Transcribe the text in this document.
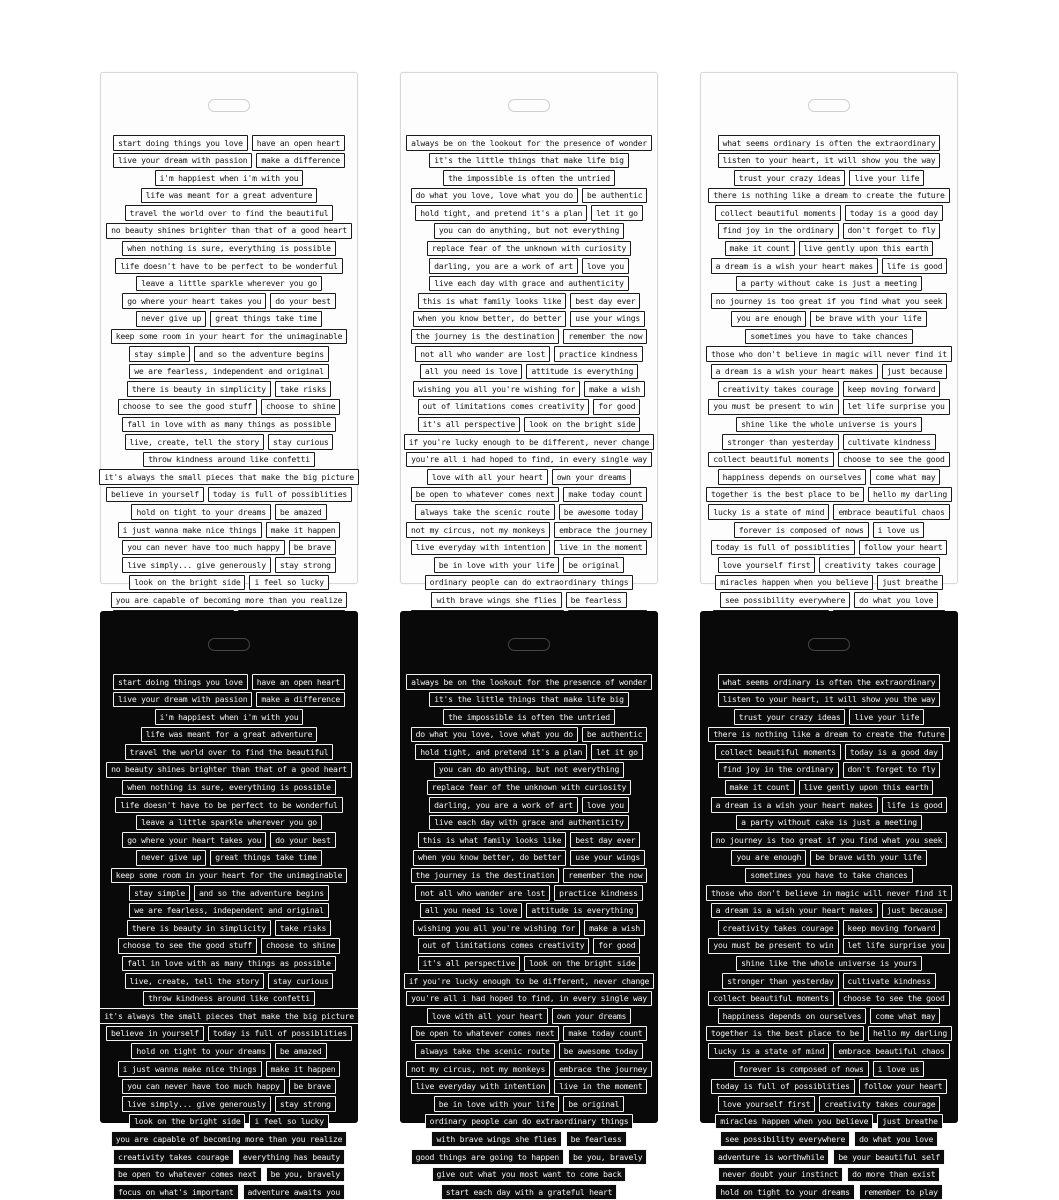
start doing things you love	have an open heart
live your dream with passion	make a difference
i'm happiest when i'm with you
life was meant for a great adventure
travel the world over to find the beautiful
no beauty shines brighter than that of a good heart
when nothing is sure, everything is possible
life doesn't have to be perfect to be wonderful
leave a little sparkle wherever you go
go where your heart takes you	do your best
never give up	great things take time
keep some room in your heart for the unimaginable
stay simple	and so the adventure begins
we are fearless, independent and original
there is beauty in simplicity	take risks
choose to see the good stuff	choose to shine
fall in love with as many things as possible
live, create, tell the story	stay curious
throw kindness around like confetti
it's always the small pieces that make the big picture
believe in yourself	today is full of possiblities
hold on tight to your dreams	be amazed
i just wanna make nice things	make it happen
you can never have too much happy	be brave
live simply... give generously	stay strong
look on the bright side	i feel so lucky
you are capable of becoming more than you realize
always be on the lookout for the presence of wonder
it's the little things that make life big
the impossible is often the untried
do what you love, love what you do	be authentic
hold tight, and pretend it's a plan	let it go
you can do anything, but not everything
replace fear of the unknown with curiosity
darling, you are a work of art	love you
live each day with grace and authenticity
this is what family looks like	best day ever
when you know better, do better	use your wings
the journey is the destination	remember the now
not all who wander are lost	practice kindness
all you need is love	attitude is everything
wishing you all you're wishing for	make a wish
out of limitations comes creativity	for good
it's all perspective	look on the bright side
if you're lucky enough to be different, never change
you're all i had hoped to find, in every single way
love with all your heart	own your dreams
be open to whatever comes next	make today count
always take the scenic route	be awesome today
not my circus, not my monkeys	embrace the journey
live everyday with intention	live in the moment
be in love with your life	be original
ordinary people can do extraordinary things
with brave wings she flies	be fearless
what seems ordinary is often the extraordinary
listen to your heart, it will show you the way
trust your crazy ideas	live your life
there is nothing like a dream to create the future
collect beautiful moments	today is a good day
find joy in the ordinary	don't forget to fly
make it count	live gently upon this earth
a dream is a wish your heart makes	life is good
a party without cake is just a meeting
no journey is too great if you find what you seek
you are enough	be brave with your life
sometimes you have to take chances
those who don't believe in magic will never find it
a dream is a wish your heart makes	just because
creativity takes courage	keep moving forward
you must be present to win	let life surprise you
shine like the whole universe is yours
stronger than yesterday	cultivate kindness
collect beautiful moments	choose to see the good
happiness depends on ourselves	come what may
together is the best place to be	hello my darling
lucky is a state of mind	embrace beautiful chaos
forever is composed of nows	i love us
today is full of possiblities	follow your heart
love yourself first	creativity takes courage
miracles happen when you believe	just breathe
see possibility everywhere	do what you love
start doing things you love	have an open heart
live your dream with passion	make a difference
i'm happiest when i'm with you
life was meant for a great adventure
travel the world over to find the beautiful
no beauty shines brighter than that of a good heart
when nothing is sure, everything is possible
life doesn't have to be perfect to be wonderful
leave a little sparkle wherever you go
go where your heart takes you	do your best
never give up	great things take time
keep some room in your heart for the unimaginable
stay simple	and so the adventure begins
we are fearless, independent and original
there is beauty in simplicity	take risks
choose to see the good stuff	choose to shine
fall in love with as many things as possible
live, create, tell the story	stay curious
throw kindness around like confetti
it's always the small pieces that make the big picture
believe in yourself	today is full of possiblities
hold on tight to your dreams	be amazed
i just wanna make nice things	make it happen
you can never have too much happy	be brave
live simply... give generously	stay strong
look on the bright side	i feel so lucky
you are capable of becoming more than you realize
creativity takes courage	everything has beauty
be open to whatever comes next	be you, bravely
focus on what's important	adventure awaits you
always be on the lookout for the presence of wonder
it's the little things that make life big
the impossible is often the untried
do what you love, love what you do	be authentic
hold tight, and pretend it's a plan	let it go
you can do anything, but not everything
replace fear of the unknown with curiosity
darling, you are a work of art	love you
live each day with grace and authenticity
this is what family looks like	best day ever
when you know better, do better	use your wings
the journey is the destination	remember the now
not all who wander are lost	practice kindness
all you need is love	attitude is everything
wishing you all you're wishing for	make a wish
out of limitations comes creativity	for good
it's all perspective	look on the bright side
if you're lucky enough to be different, never change
you're all i had hoped to find, in every single way
love with all your heart	own your dreams
be open to whatever comes next	make today count
always take the scenic route	be awesome today
not my circus, not my monkeys	embrace the journey
live everyday with intention	live in the moment
be in love with your life	be original
ordinary people can do extraordinary things
with brave wings she flies	be fearless
good things are going to happen	be you, bravely
give out what you most want to come back
start each day with a grateful heart
what seems ordinary is often the extraordinary
listen to your heart, it will show you the way
trust your crazy ideas	live your life
there is nothing like a dream to create the future
collect beautiful moments	today is a good day
find joy in the ordinary	don't forget to fly
make it count	live gently upon this earth
a dream is a wish your heart makes	life is good
a party without cake is just a meeting
no journey is too great if you find what you seek
you are enough	be brave with your life
sometimes you have to take chances
those who don't believe in magic will never find it
a dream is a wish your heart makes	just because
creativity takes courage	keep moving forward
you must be present to win	let life surprise you
shine like the whole universe is yours
stronger than yesterday	cultivate kindness
collect beautiful moments	choose to see the good
happiness depends on ourselves	come what may
together is the best place to be	hello my darling
lucky is a state of mind	embrace beautiful chaos
forever is composed of nows	i love us
today is full of possiblities	follow your heart
love yourself first	creativity takes courage
miracles happen when you believe	just breathe
see possibility everywhere	do what you love
adventure is worthwhile	be your beautiful self
never doubt your instinct	do more than exist
hold on tight to your dreams	remember to play
